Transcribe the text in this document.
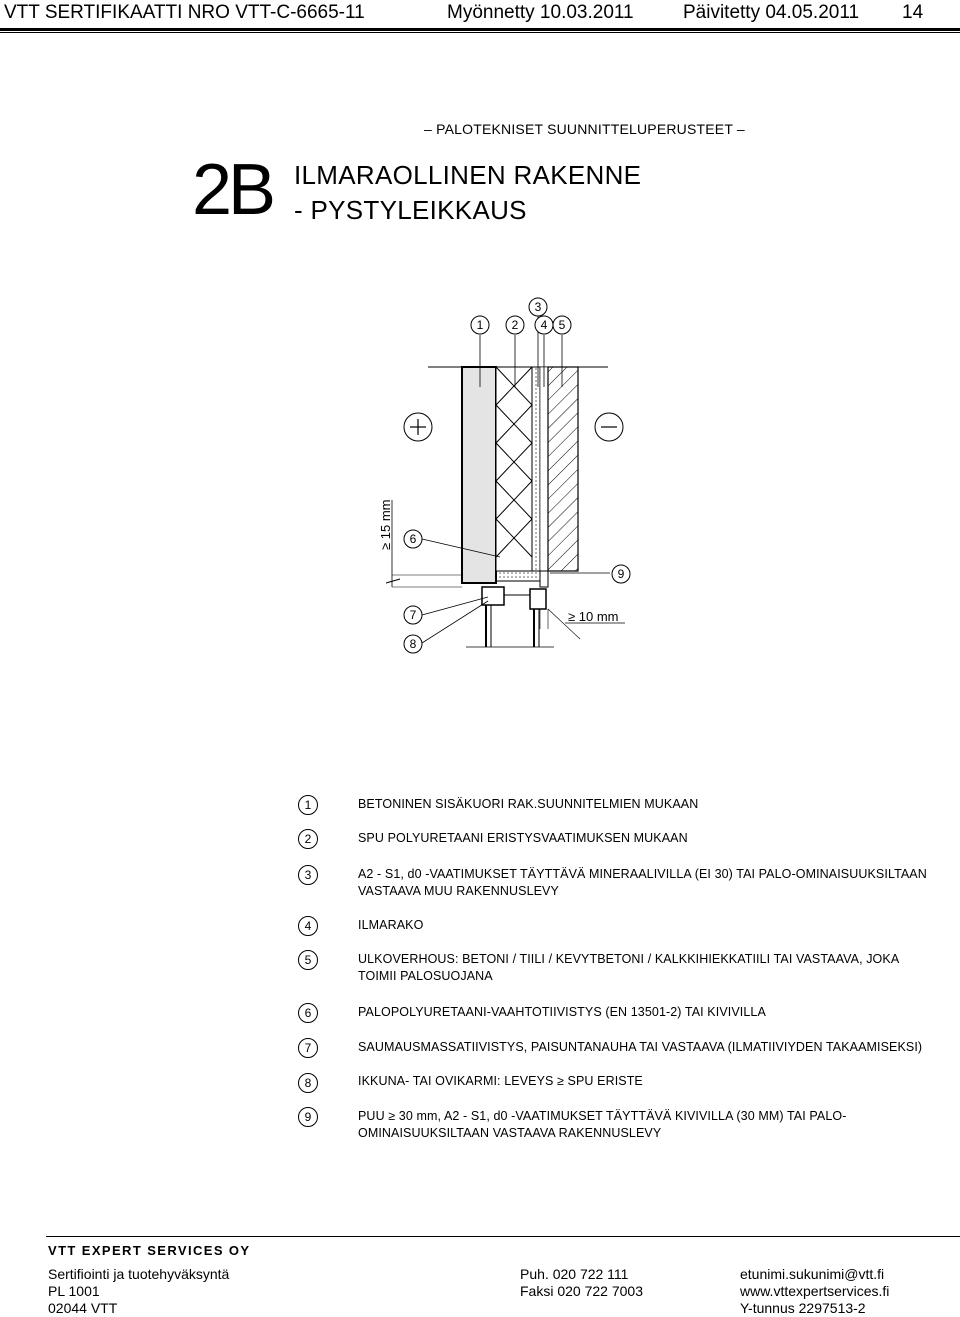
VTT SERTIFIKAATTI NRO VTT-C-6665-11	Myönnetty 10.03.2011	Päivitetty 04.05.2011 14
– PALOTEKNISET SUUNNITTELUPERUSTEET –
2B ILMARAOLLINEN RAKENNE
- PYSTYLEIKKAUS
≥ 15 mm
≥ 10 mm
1 2
3
4 5
6
7
8
9
1	BETONINEN SISÄKUORI RAK.SUUNNITELMIEN MUKAAN
2	SPU POLYURETAANI ERISTYSVAATIMUKSEN MUKAAN
3	A2 - S1, d0 -VAATIMUKSET TÄYTTÄVÄ MINERAALIVILLA (EI 30) TAI PALO-OMINAISUUKSILTAAN VASTAAVA MUU RAKENNUSLEVY
4	ILMARAKO
5	ULKOVERHOUS: BETONI / TIILI / KEVYTBETONI / KALKKIHIEKKATIILI TAI VASTAAVA, JOKA TOIMII PALOSUOJANA
6	PALOPOLYURETAANI-VAAHTOTIIVISTYS (EN 13501-2) TAI KIVIVILLA
7	SAUMAUSMASSATIIVISTYS, PAISUNTANAUHA TAI VASTAAVA (ILMATIIVIYDEN TAKAAMISEKSI)
8	IKKUNA- TAI OVIKARMI: LEVEYS ≥ SPU ERISTE
9	PUU ≥ 30 mm, A2 - S1, d0 -VAATIMUKSET TÄYTTÄVÄ KIVIVILLA (30 MM) TAI PALO-OMINAISUUKSILTAAN VASTAAVA RAKENNUSLEVY
VTT EXPERT SERVICES OY
Sertifiointi ja tuotehyväksyntä
PL 1001
02044 VTT
Puh. 020 722 111
Faksi 020 722 7003
etunimi.sukunimi@vtt.fi
www.vttexpertservices.fi
Y-tunnus 2297513-2
